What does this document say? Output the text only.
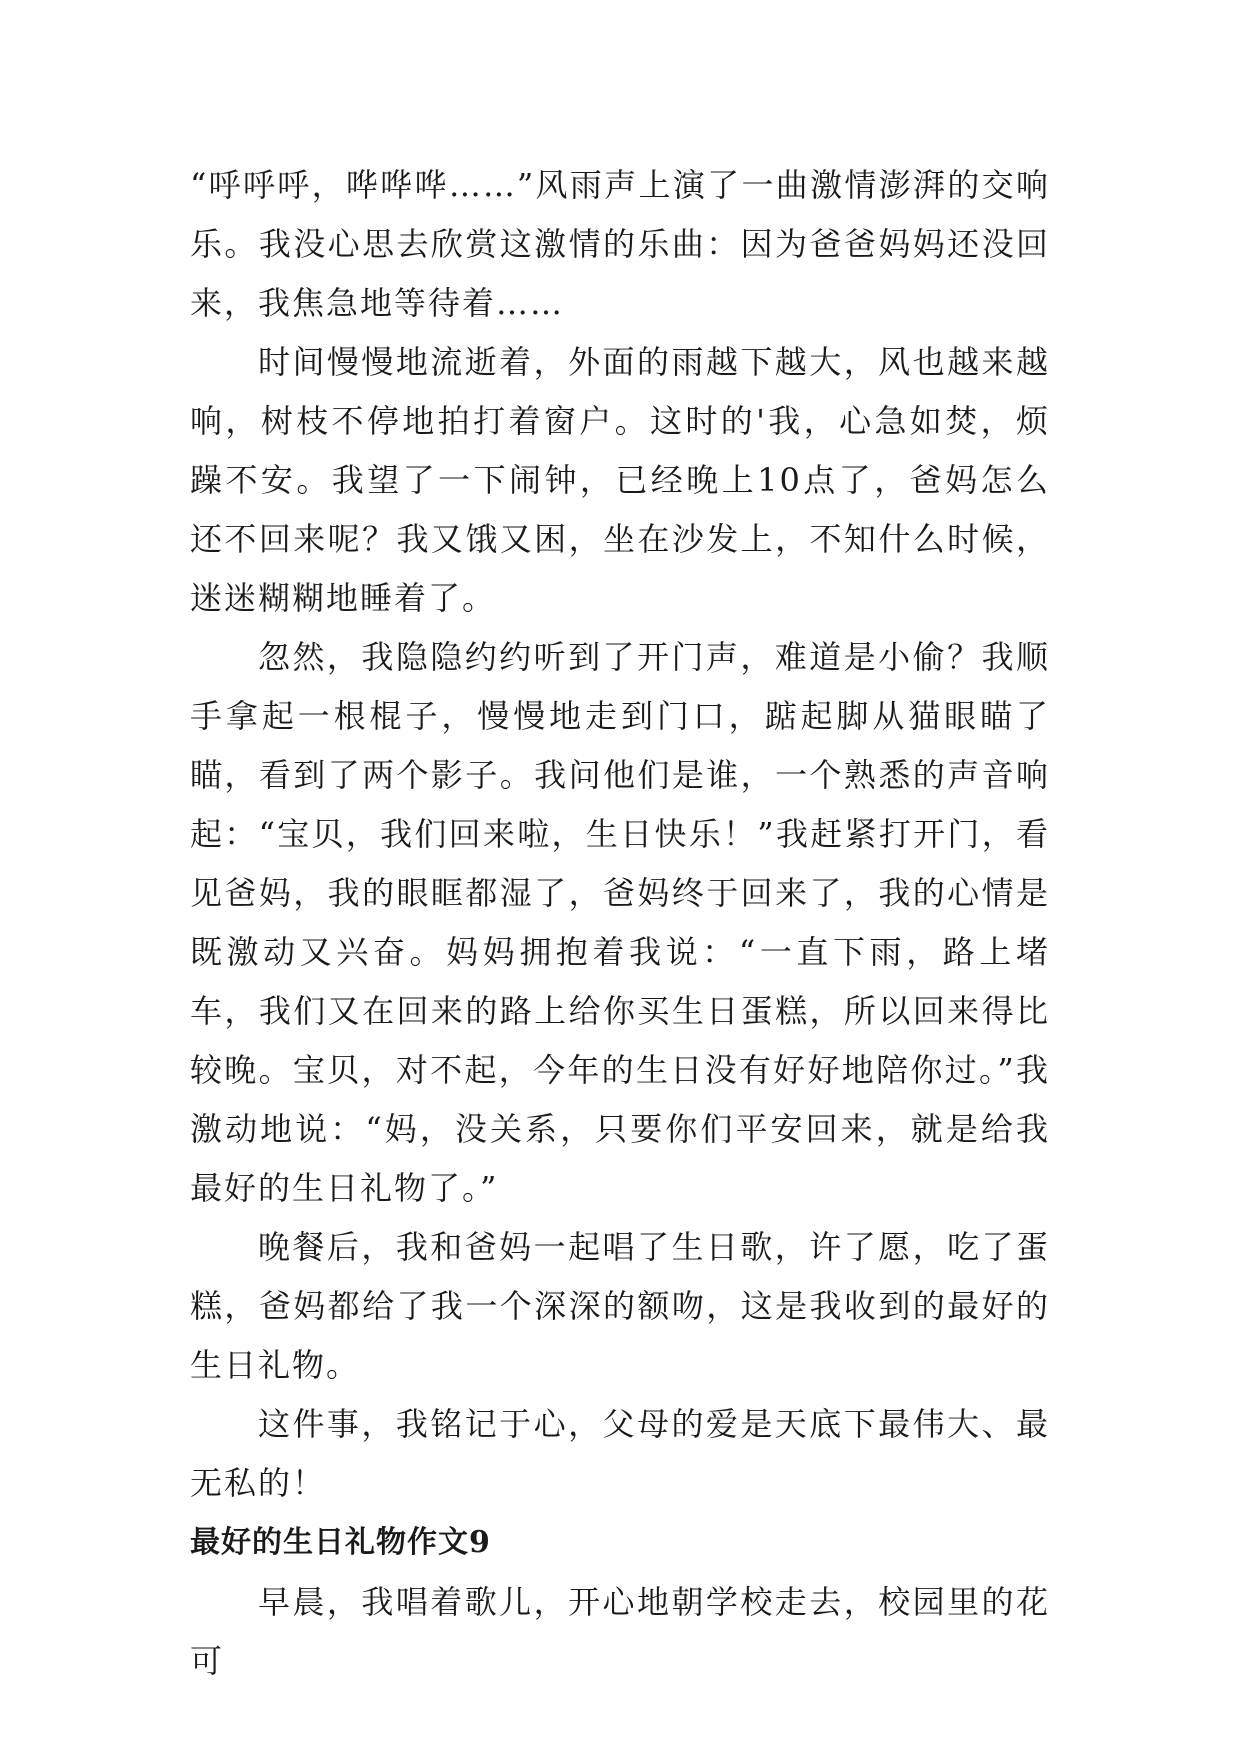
“呼呼呼，哗哗哗……”风雨声上演了一曲激情澎湃的交响乐。我没心思去欣赏这激情的乐曲：因为爸爸妈妈还没回来，我焦急地等待着……

时间慢慢地流逝着，外面的雨越下越大，风也越来越响，树枝不停地拍打着窗户。这时的'我，心急如焚，烦躁不安。我望了一下闹钟，已经晚上10点了，爸妈怎么还不回来呢？我又饿又困，坐在沙发上，不知什么时候，迷迷糊糊地睡着了。

忽然，我隐隐约约听到了开门声，难道是小偷？我顺手拿起一根棍子，慢慢地走到门口，踮起脚从猫眼瞄了瞄，看到了两个影子。我问他们是谁，一个熟悉的声音响起：“宝贝，我们回来啦，生日快乐！”我赶紧打开门，看见爸妈，我的眼眶都湿了，爸妈终于回来了，我的心情是既激动又兴奋。妈妈拥抱着我说：“一直下雨，路上堵车，我们又在回来的路上给你买生日蛋糕，所以回来得比较晚。宝贝，对不起，今年的生日没有好好地陪你过。”我激动地说：“妈，没关系，只要你们平安回来，就是给我最好的生日礼物了。”

晚餐后，我和爸妈一起唱了生日歌，许了愿，吃了蛋糕，爸妈都给了我一个深深的额吻，这是我收到的最好的生日礼物。

这件事，我铭记于心，父母的爱是天底下最伟大、最无私的！

最好的生日礼物作文9

早晨，我唱着歌儿，开心地朝学校走去，校园里的花可
